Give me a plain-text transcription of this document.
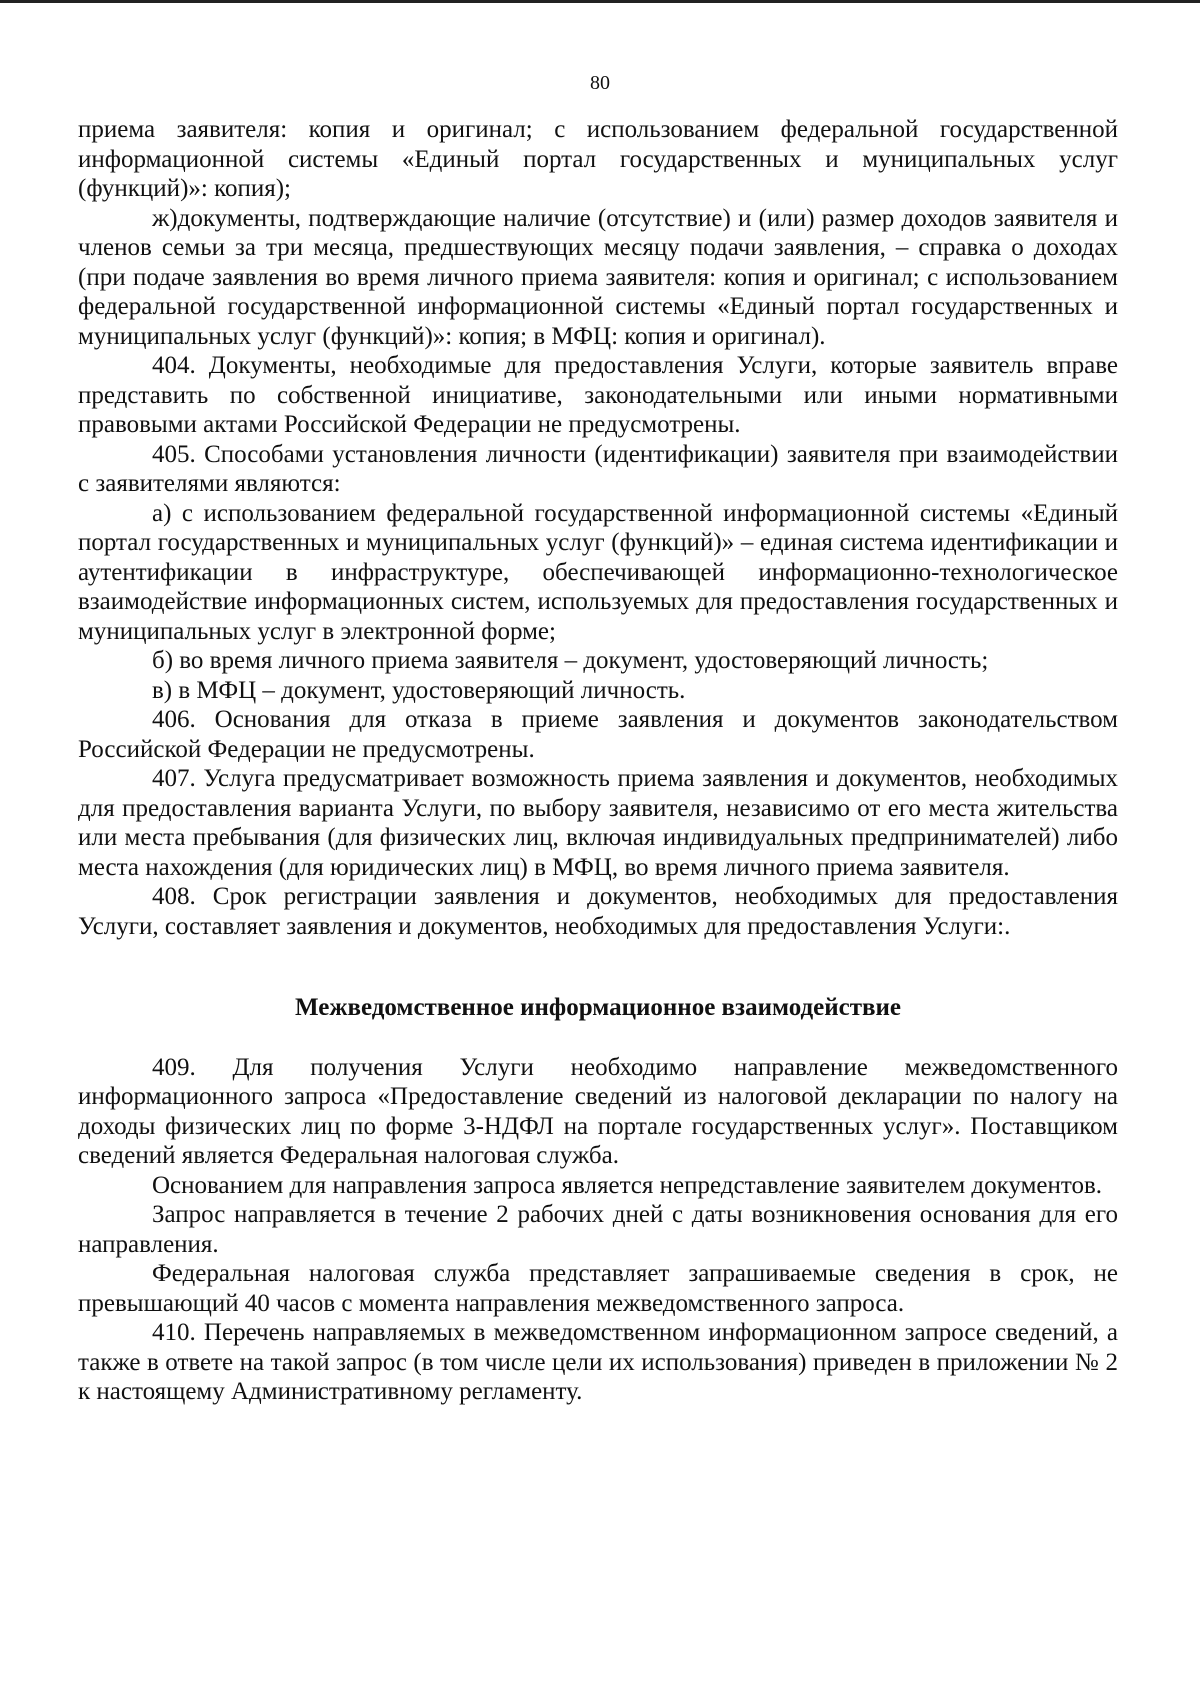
80

приема заявителя: копия и оригинал; с использованием федеральной государственной информационной системы «Единый портал государственных и муниципальных услуг (функций)»: копия);

ж)документы, подтверждающие наличие (отсутствие) и (или) размер доходов заявителя и членов семьи за три месяца, предшествующих месяцу подачи заявления, – справка о доходах (при подаче заявления во время личного приема заявителя: копия и оригинал; с использованием федеральной государственной информационной системы «Единый портал государственных и муниципальных услуг (функций)»: копия; в МФЦ: копия и оригинал).

404. Документы, необходимые для предоставления Услуги, которые заявитель вправе представить по собственной инициативе, законодательными или иными нормативными правовыми актами Российской Федерации не предусмотрены.

405. Способами установления личности (идентификации) заявителя при взаимодействии с заявителями являются:

а) с использованием федеральной государственной информационной системы «Единый портал государственных и муниципальных услуг (функций)» – единая система идентификации и аутентификации в инфраструктуре, обеспечивающей информационно-технологическое взаимодействие информационных систем, используемых для предоставления государственных и муниципальных услуг в электронной форме;

б) во время личного приема заявителя – документ, удостоверяющий личность;

в) в МФЦ – документ, удостоверяющий личность.

406. Основания для отказа в приеме заявления и документов законодательством Российской Федерации не предусмотрены.

407. Услуга предусматривает возможность приема заявления и документов, необходимых для предоставления варианта Услуги, по выбору заявителя, независимо от его места жительства или места пребывания (для физических лиц, включая индивидуальных предпринимателей) либо места нахождения (для юридических лиц) в МФЦ, во время личного приема заявителя.

408. Срок регистрации заявления и документов, необходимых для предоставления Услуги, составляет заявления и документов, необходимых для предоставления Услуги:.

Межведомственное информационное взаимодействие

409. Для получения Услуги необходимо направление межведомственного информационного запроса «Предоставление сведений из налоговой декларации по налогу на доходы физических лиц по форме 3-НДФЛ на портале государственных услуг». Поставщиком сведений является Федеральная налоговая служба.

Основанием для направления запроса является непредставление заявителем документов.

Запрос направляется в течение 2 рабочих дней с даты возникновения основания для его направления.

Федеральная налоговая служба представляет запрашиваемые сведения в срок, не превышающий 40 часов с момента направления межведомственного запроса.

410. Перечень направляемых в межведомственном информационном запросе сведений, а также в ответе на такой запрос (в том числе цели их использования) приведен в приложении № 2 к настоящему Административному регламенту.
